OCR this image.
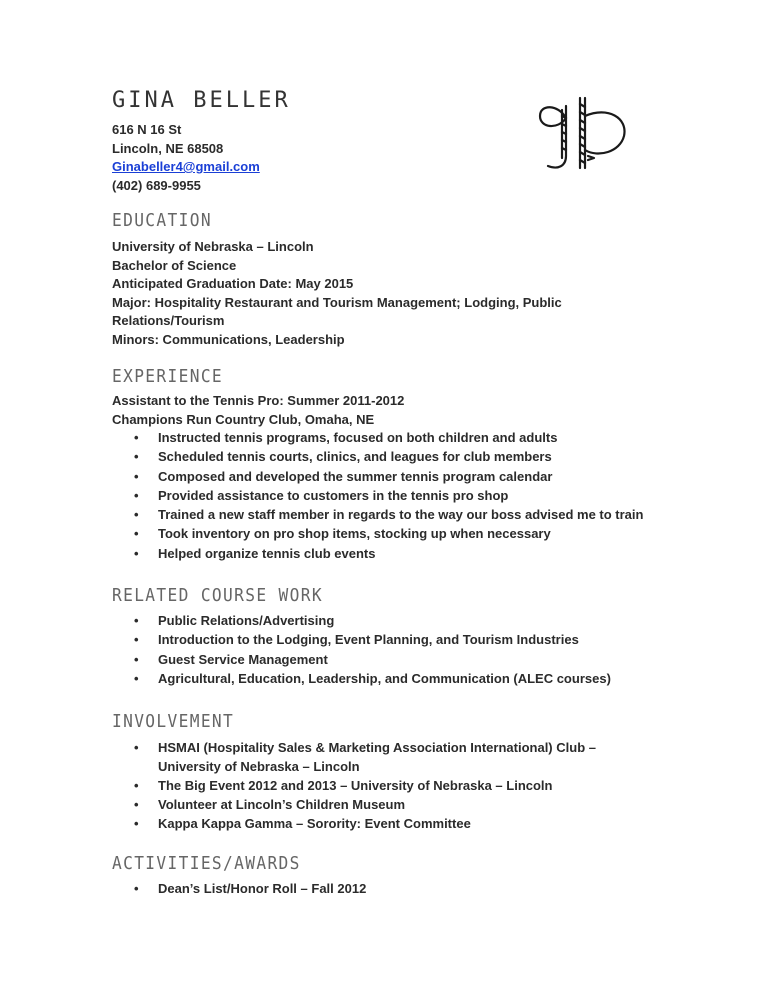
GINA BELLER
616 N 16 St
Lincoln, NE 68508
Ginabeller4@gmail.com
(402) 689-9955
EDUCATION

University of Nebraska – Lincoln

Bachelor of Science

Anticipated Graduation Date: May 2015

Major: Hospitality Restaurant and Tourism Management; Lodging, Public

Relations/Tourism

Minors: Communications, Leadership

EXPERIENCE

Assistant to the Tennis Pro: Summer 2011-2012

Champions Run Country Club, Omaha, NE

• Instructed tennis programs, focused on both children and adults
• Scheduled tennis courts, clinics, and leagues for club members
• Composed and developed the summer tennis program calendar
• Provided assistance to customers in the tennis pro shop
• Trained a new staff member in regards to the way our boss advised me to train
• Took inventory on pro shop items, stocking up when necessary
• Helped organize tennis club events
RELATED COURSE WORK
• Public Relations/Advertising
• Introduction to the Lodging, Event Planning, and Tourism Industries
• Guest Service Management
• Agricultural, Education, Leadership, and Communication (ALEC courses)
INVOLVEMENT
• HSMAI (Hospitality Sales & Marketing Association International) Club – University of Nebraska – Lincoln
• The Big Event 2012 and 2013 – University of Nebraska – Lincoln
• Volunteer at Lincoln’s Children Museum
• Kappa Kappa Gamma – Sorority: Event Committee
ACTIVITIES/AWARDS
• Dean’s List/Honor Roll – Fall 2012
